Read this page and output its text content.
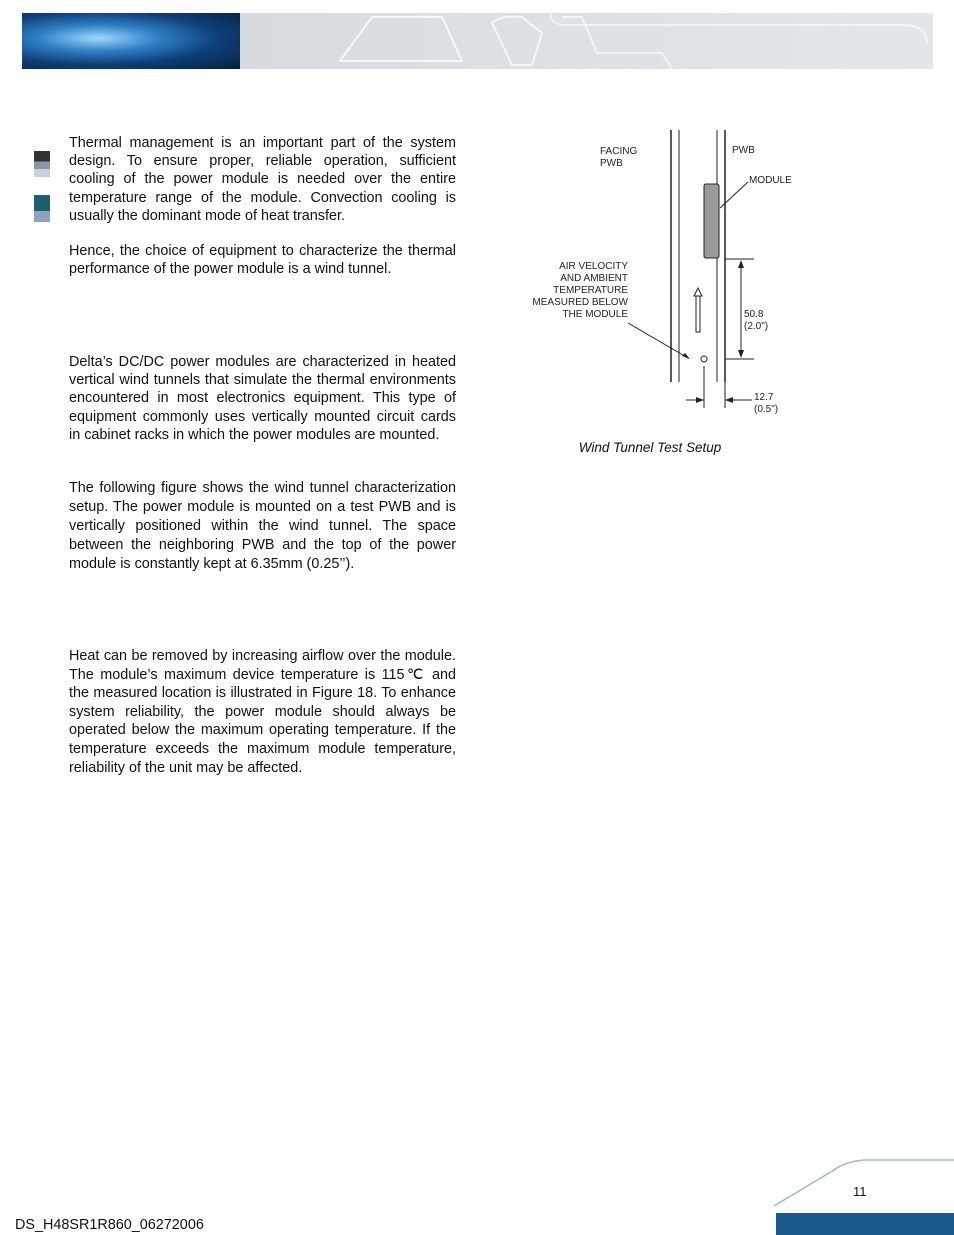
Thermal management is an important part of the system design. To ensure proper, reliable operation, sufficient cooling of the power module is needed over the entire temperature range of the module. Convection cooling is usually the dominant mode of heat transfer.

Hence, the choice of equipment to characterize the thermal performance of the power module is a wind tunnel.

Delta’s DC/DC power modules are characterized in heated vertical wind tunnels that simulate the thermal environments encountered in most electronics equipment. This type of equipment commonly uses vertically mounted circuit cards in cabinet racks in which the power modules are mounted.

The following figure shows the wind tunnel characterization setup. The power module is mounted on a test PWB and is vertically positioned within the wind tunnel. The space between the neighboring PWB and the top of the power module is constantly kept at 6.35mm (0.25’’).

Heat can be removed by increasing airflow over the module. The module’s maximum device temperature is 115℃ and the measured location is illustrated in Figure 18. To enhance system reliability, the power module should always be operated below the maximum operating temperature. If the temperature exceeds the maximum module temperature, reliability of the unit may be affected.

FACING PWB

PWB

MODULE

AIR VELOCITY
AND AMBIENT
TEMPERATURE
MEASURED BELOW
THE MODULE	50.8 (2.0")

12.7 (0.5")

Wind Tunnel Test Setup

11

DS_H48SR1R860_06272006
